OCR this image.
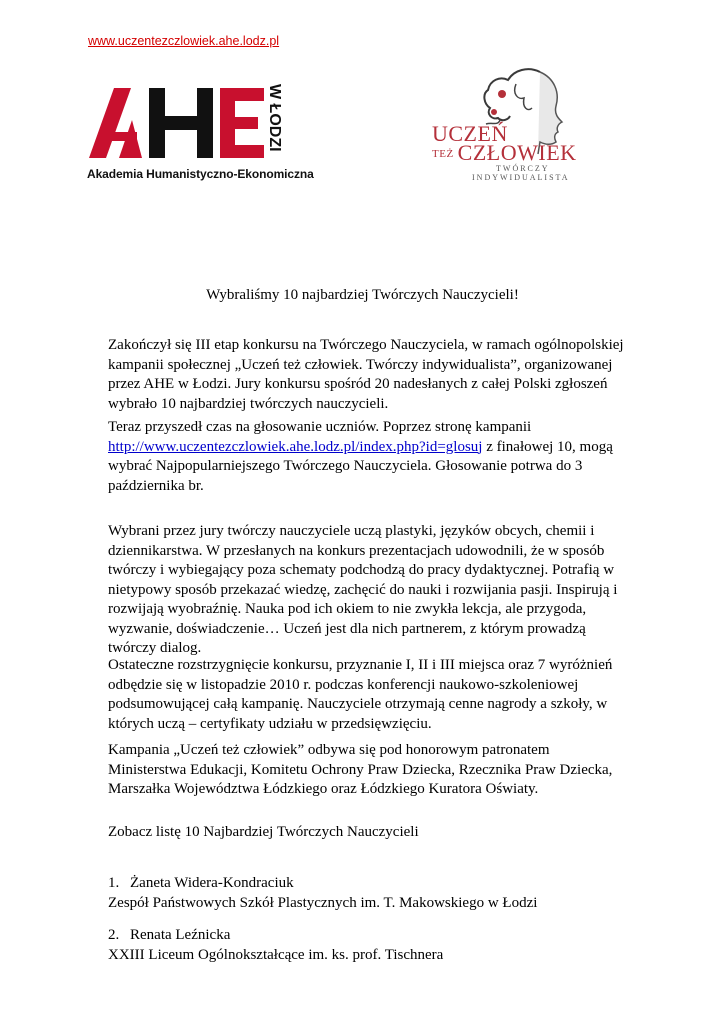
www.uczentezczlowiek.ahe.lodz.pl
W ŁODZI
Akademia Humanistyczno-Ekonomiczna
UCZEŃ
TEŻ CZŁOWIEK
TWÓRCZY
INDYWIDUALISTA
Wybraliśmy 10 najbardziej Twórczych Nauczycieli!
Zakończył się III etap konkursu na Twórczego Nauczyciela, w ramach ogólnopolskiej kampanii społecznej „Uczeń też człowiek. Twórczy indywidualista”, organizowanej przez AHE w Łodzi. Jury konkursu spośród 20 nadesłanych z całej Polski zgłoszeń wybrało 10 najbardziej twórczych nauczycieli.
Teraz przyszedł czas na głosowanie uczniów. Poprzez stronę kampanii http://www.uczentezczlowiek.ahe.lodz.pl/index.php?id=glosuj z finałowej 10, mogą wybrać Najpopularniejszego Twórczego Nauczyciela. Głosowanie potrwa do 3 października br.
Wybrani przez jury twórczy nauczyciele uczą plastyki, języków obcych, chemii i dziennikarstwa. W przesłanych na konkurs prezentacjach udowodnili, że w sposób twórczy i wybiegający poza schematy podchodzą do pracy dydaktycznej. Potrafią w nietypowy sposób przekazać wiedzę, zachęcić do nauki i rozwijania pasji. Inspirują i rozwijają wyobraźnię. Nauka pod ich okiem to nie zwykła lekcja, ale przygoda, wyzwanie, doświadczenie… Uczeń jest dla nich partnerem, z którym prowadzą twórczy dialog.
Ostateczne rozstrzygnięcie konkursu, przyznanie I, II i III miejsca oraz 7 wyróżnień odbędzie się w listopadzie 2010 r. podczas konferencji naukowo-szkoleniowej podsumowującej całą kampanię. Nauczyciele otrzymają cenne nagrody a szkoły, w których uczą – certyfikaty udziału w przedsięwzięciu.
Kampania „Uczeń też człowiek” odbywa się pod honorowym patronatem Ministerstwa Edukacji, Komitetu Ochrony Praw Dziecka, Rzecznika Praw Dziecka, Marszałka Województwa Łódzkiego oraz Łódzkiego Kuratora Oświaty.
Zobacz listę 10 Najbardziej Twórczych Nauczycieli
1. Żaneta Widera-Kondraciuk
Zespół Państwowych Szkół Plastycznych im. T. Makowskiego w Łodzi
2. Renata Leźnicka
XXIII Liceum Ogólnokształcące im. ks. prof. Tischnera
